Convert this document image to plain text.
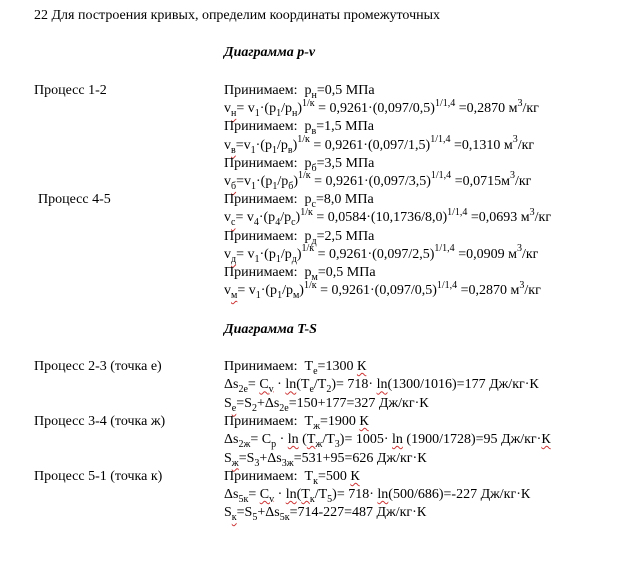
22 Для построения кривых, определим координаты промежуточных
Диаграмма p-v
Процесс 1-2
Процесс 4-5
Принимаем:  $p_н=0,5$ МПа
$v_н= v_1\cdot(p_1/p_н)^{1/к} = 0,9261\cdot(0,097/0,5)^{1/1,4} =0,2870$ $м^3/кг$
Принимаем:  $p_в=1,5$ МПа
$v_в=v_1\cdot(p_1/p_в)^{1/к} = 0,9261\cdot(0,097/1,5)^{1/1,4} =0,1310$ $м^3/кг$
Принимаем:  $p_б=3,5$ МПа
$v_б=v_1\cdot(p_1/p_б)^{1/к} = 0,9261\cdot(0,097/3,5)^{1/1,4} =0,0715м^3/кг$
Принимаем:  $p_с=8,0$ МПа
$v_с= v_4\cdot(p_4/p_с)^{1/к} = 0,0584\cdot(10,1736/8,0)^{1/1,4} =0,0693$ $м^3/кг$
Принимаем:  $p_д=2,5$ МПа
$v_д= v_1\cdot(p_1/p_д)^{1/к} = 0,9261\cdot(0,097/2,5)^{1/1,4} =0,0909$ $м^3/кг$
Принимаем:  $p_м=0,5$ МПа
$v_м= v_1\cdot(p_1/p_м)^{1/к} = 0,9261\cdot(0,097/0,5)^{1/1,4} =0,2870$ $м^3/кг$
Диаграмма T-S
Процесс 2-3 (точка е)
Процесс 3-4 (точка ж)
Процесс 5-1 (точка к)
Принимаем:  $Т_е=1300$ К
$\Delta s_{2е}= C_v \cdot \ln(T_е/T_2)= 718\cdot \ln(1300/1016)=177$ Дж/кг·К
$S_е=S_2+\Delta s_{2е}=150+177=327$ Дж/кг·К
Принимаем:  $Т_ж=1900$ К
$\Delta s_{2ж}= C_p \cdot \ln (T_ж/T_3)= 1005\cdot \ln (1900/1728)=95$ Дж/кг·К
$S_ж=S_3+\Delta s_{3ж}=531+95=626$ Дж/кг·К
Принимаем:  $Т_к=500$ К
$\Delta s_{5к}= C_v \cdot \ln(T_к/T_5)= 718\cdot \ln(500/686)=-227$ Дж/кг·К
$S_к=S_5+\Delta s_{5к}=714-227=487$ Дж/кг·К
